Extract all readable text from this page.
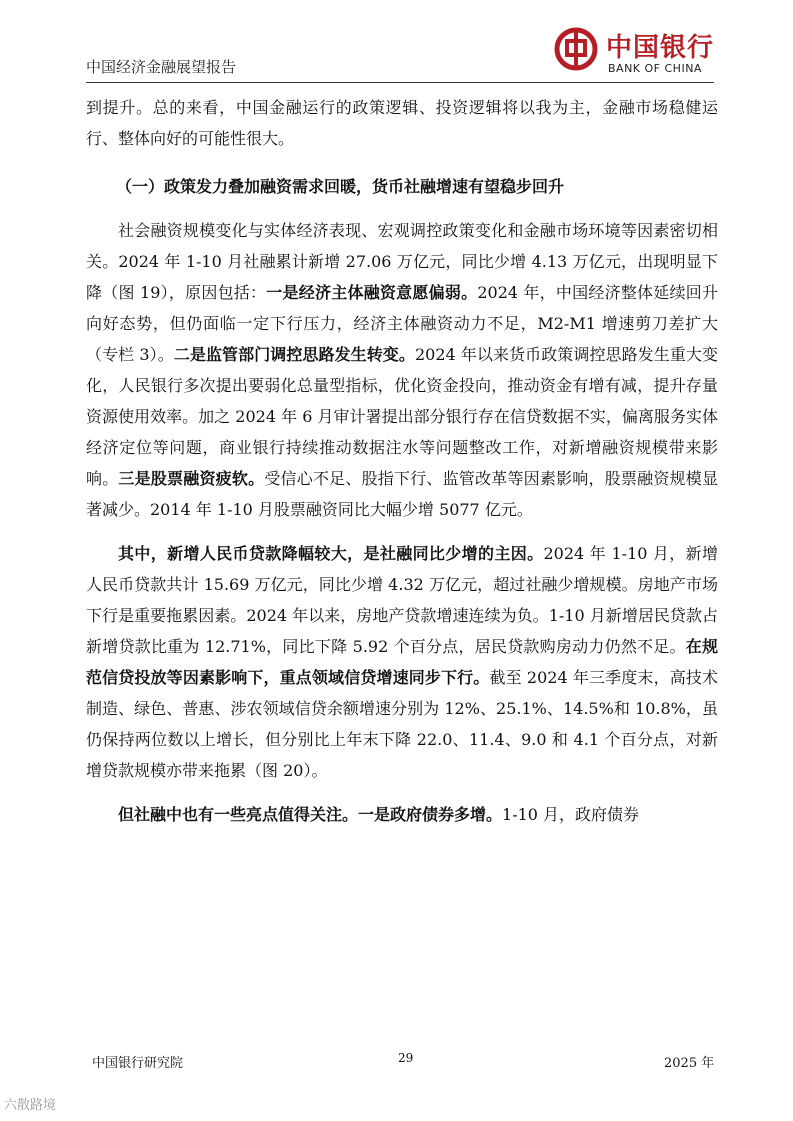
中国经济金融展望报告
中国银行
BANK OF CHINA

到提升。总的来看，中国金融运行的政策逻辑、投资逻辑将以我为主，金融市场稳健运行、整体向好的可能性很大。

（一）政策发力叠加融资需求回暖，货币社融增速有望稳步回升

社会融资规模变化与实体经济表现、宏观调控政策变化和金融市场环境等因素密切相关。2024 年 1-10 月社融累计新增 27.06 万亿元，同比少增 4.13 万亿元，出现明显下降（图 19），原因包括：一是经济主体融资意愿偏弱。2024 年，中国经济整体延续回升向好态势，但仍面临一定下行压力，经济主体融资动力不足，M2-M1 增速剪刀差扩大（专栏 3）。二是监管部门调控思路发生转变。2024 年以来货币政策调控思路发生重大变化，人民银行多次提出要弱化总量型指标，优化资金投向，推动资金有增有减，提升存量资源使用效率。加之 2024 年 6 月审计署提出部分银行存在信贷数据不实，偏离服务实体经济定位等问题，商业银行持续推动数据注水等问题整改工作，对新增融资规模带来影响。三是股票融资疲软。受信心不足、股指下行、监管改革等因素影响，股票融资规模显著减少。2014 年 1-10 月股票融资同比大幅少增 5077 亿元。

其中，新增人民币贷款降幅较大，是社融同比少增的主因。2024 年 1-10 月，新增人民币贷款共计 15.69 万亿元，同比少增 4.32 万亿元，超过社融少增规模。房地产市场下行是重要拖累因素。2024 年以来，房地产贷款增速连续为负。1-10 月新增居民贷款占新增贷款比重为 12.71%，同比下降 5.92 个百分点，居民贷款购房动力仍然不足。在规范信贷投放等因素影响下，重点领域信贷增速同步下行。截至 2024 年三季度末，高技术制造、绿色、普惠、涉农领域信贷余额增速分别为 12%、25.1%、14.5%和 10.8%，虽仍保持两位数以上增长，但分别比上年末下降 22.0、11.4、9.0 和 4.1 个百分点，对新增贷款规模亦带来拖累（图 20）。

但社融中也有一些亮点值得关注。一是政府债券多增。1-10 月，政府债券

中国银行研究院	29	2025 年
六散路境
